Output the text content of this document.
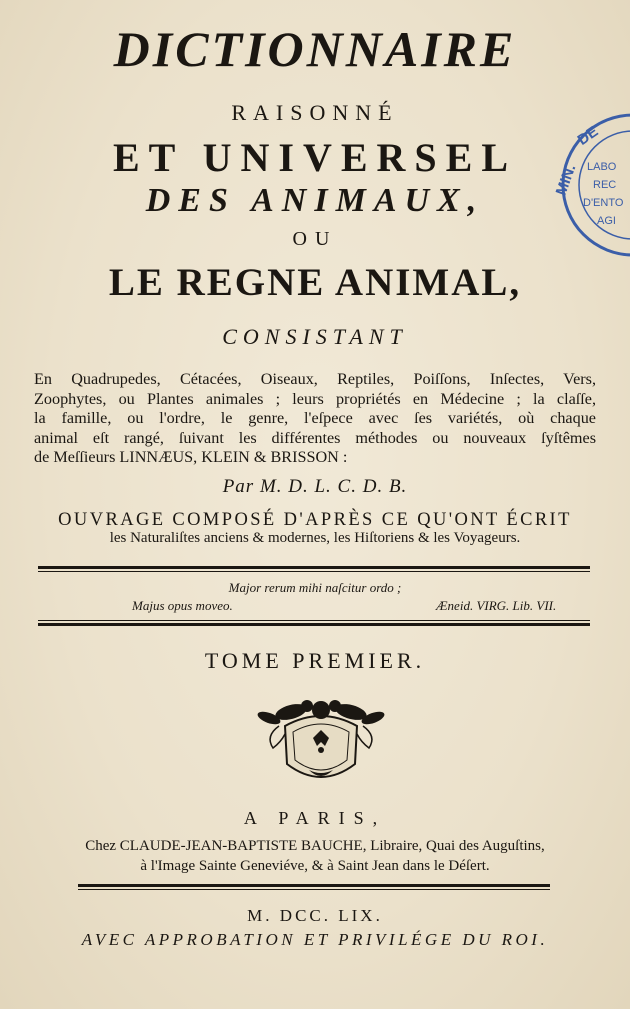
DICTIONNAIRE
RAISONNÉ
ET UNIVERSEL
DES ANIMAUX,
OU
LE REGNE ANIMAL,
CONSISTANT
En Quadrupedes, Cétacées, Oiseaux, Reptiles, Poiſſons, Inſectes, Vers,
Zoophytes, ou Plantes animales ; leurs propriétés en Médecine ; la claſſe,
la famille, ou l'ordre, le genre, l'eſpece avec ſes variétés, où chaque
animal eſt rangé, ſuivant les différentes méthodes ou nouveaux ſyſtêmes
de Meſſieurs LINNÆUS, KLEIN & BRISSON :
Par M. D. L. C. D. B.
OUVRAGE COMPOSÉ D'APRÈS CE QU'ONT ÉCRIT
les Naturaliſtes anciens & modernes, les Hiſtoriens & les Voyageurs.
Major rerum mihi naſcitur ordo ;
Majus opus moveo.	Æneid. VIRG. Lib. VII.
TOME PREMIER.
A PARIS,
Chez CLAUDE-JEAN-BAPTISTE BAUCHE, Libraire, Quai des Auguſtins,
à l'Image Sainte Geneviéve, & à Saint Jean dans le Déſert.
M. DCC. LIX.
AVEC APPROBATION ET PRIVILÉGE DU ROI.
MIN.
DE
LABO
REC
D'ENTO
AGI
